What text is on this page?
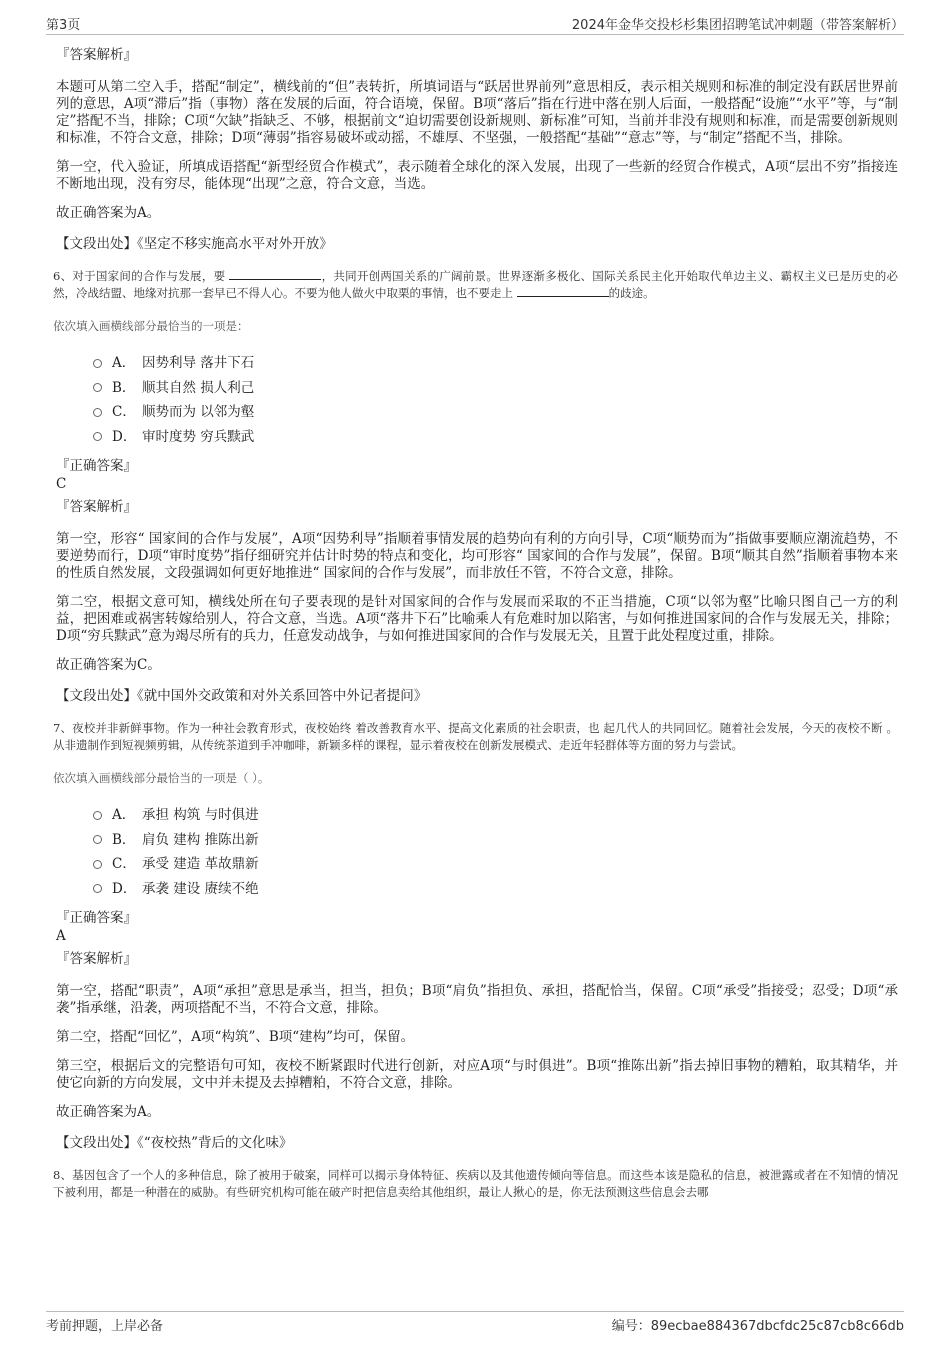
第3页	2024年金华交投杉杉集团招聘笔试冲刺题（带答案解析）

『答案解析』

本题可从第二空入手，搭配“制定”，横线前的“但”表转折，所填词语与“跃居世界前列”意思相反，表示相关规则和标准的制定没有跃居世界前列的意思，A项“滞后”指（事物）落在发展的后面，符合语境，保留。B项“落后”指在行进中落在别人后面，一般搭配“设施”“水平”等，与“制定”搭配不当，排除；C项“欠缺”指缺乏、不够，根据前文“迫切需要创设新规则、新标准”可知，当前并非没有规则和标准，而是需要创新规则和标准，不符合文意，排除；D项“薄弱”指容易破坏或动摇，不雄厚、不坚强，一般搭配“基础”“意志”等，与“制定”搭配不当，排除。

第一空，代入验证，所填成语搭配“新型经贸合作模式”，表示随着全球化的深入发展，出现了一些新的经贸合作模式，A项“层出不穷”指接连不断地出现，没有穷尽，能体现“出现”之意，符合文意，当选。

故正确答案为A。

【文段出处】《坚定不移实施高水平对外开放》

6、对于国家间的合作与发展，要	，共同开创两国关系的广阔前景。世界逐渐多极化、国际关系民主化开始取代单边主义、霸权主义已是历史的必然，冷战结盟、地缘对抗那一套早已不得人心。不要为他人做火中取栗的事情，也不要走上	的歧途。

依次填入画横线部分最恰当的一项是：

A． 因势利导 落井下石
B． 顺其自然 损人利己
C． 顺势而为 以邻为壑
D． 审时度势 穷兵黩武

『正确答案』

C

『答案解析』

第一空，形容“ 国家间的合作与发展”，A项“因势利导”指顺着事情发展的趋势向有利的方向引导，C项“顺势而为”指做事要顺应潮流趋势，不要逆势而行，D项“审时度势”指仔细研究并估计时势的特点和变化，均可形容“ 国家间的合作与发展”，保留。B项“顺其自然”指顺着事物本来的性质自然发展，文段强调如何更好地推进“ 国家间的合作与发展”，而非放任不管，不符合文意，排除。

第二空，根据文意可知，横线处所在句子要表现的是针对国家间的合作与发展而采取的不正当措施，C项“以邻为壑”比喻只图自己一方的利益，把困难或祸害转嫁给别人，符合文意，当选。A项“落井下石”比喻乘人有危难时加以陷害，与如何推进国家间的合作与发展无关，排除；D项“穷兵黩武”意为竭尽所有的兵力，任意发动战争，与如何推进国家间的合作与发展无关，且置于此处程度过重，排除。

故正确答案为C。

【文段出处】《就中国外交政策和对外关系回答中外记者提问》

7、夜校并非新鲜事物。作为一种社会教育形式，夜校始终 着改善教育水平、提高文化素质的社会职责，也 起几代人的共同回忆。随着社会发展，今天的夜校不断 。从非遗制作到短视频剪辑，从传统茶道到手冲咖啡，新颖多样的课程，显示着夜校在创新发展模式、走近年轻群体等方面的努力与尝试。

依次填入画横线部分最恰当的一项是（ ）。

A． 承担 构筑 与时俱进
B． 肩负 建构 推陈出新
C． 承受 建造 革故鼎新
D． 承袭 建设 赓续不绝

『正确答案』

A

『答案解析』

第一空，搭配“职责”，A项“承担”意思是承当，担当，担负；B项“肩负”指担负、承担，搭配恰当，保留。C项“承受”指接受；忍受；D项“承袭”指承继，沿袭，两项搭配不当，不符合文意，排除。

第二空，搭配“回忆”，A项“构筑”、B项“建构”均可，保留。

第三空，根据后文的完整语句可知，夜校不断紧跟时代进行创新，对应A项“与时俱进”。B项“推陈出新”指去掉旧事物的糟粕，取其精华，并使它向新的方向发展，文中并未提及去掉糟粕，不符合文意，排除。

故正确答案为A。

【文段出处】《“夜校热”背后的文化味》

8、基因包含了一个人的多种信息，除了被用于破案，同样可以揭示身体特征、疾病以及其他遗传倾向等信息。而这些本该是隐私的信息，被泄露或者在不知情的情况下被利用，都是一种潜在的威胁。有些研究机构可能在破产时把信息卖给其他组织，最让人揪心的是，你无法预测这些信息会去哪

考前押题，上岸必备	编号：89ecbae884367dbcfdc25c87cb8c66db
